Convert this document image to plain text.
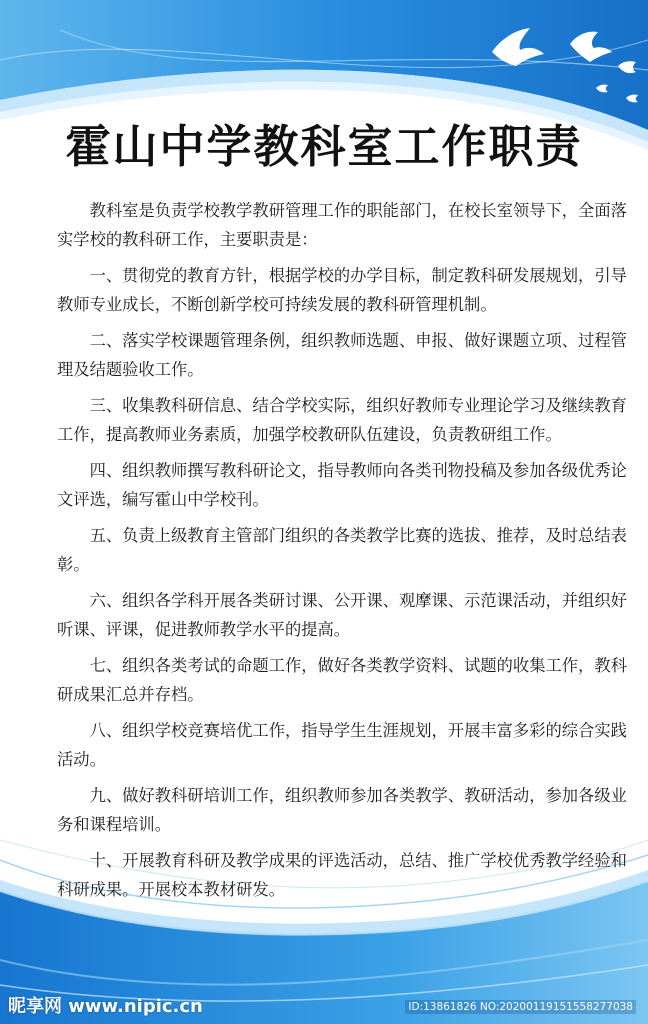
霍山中学教科室工作职责

教科室是负责学校教学教研管理工作的职能部门，在校长室领导下，全面落实学校的教科研工作，主要职责是：

一、贯彻党的教育方针，根据学校的办学目标，制定教科研发展规划，引导教师专业成长，不断创新学校可持续发展的教科研管理机制。

二、落实学校课题管理条例，组织教师选题、申报、做好课题立项、过程管理及结题验收工作。

三、收集教科研信息、结合学校实际，组织好教师专业理论学习及继续教育工作，提高教师业务素质，加强学校教研队伍建设，负责教研组工作。

四、组织教师撰写教科研论文，指导教师向各类刊物投稿及参加各级优秀论文评选，编写霍山中学校刊。

五、负责上级教育主管部门组织的各类教学比赛的选拔、推荐，及时总结表彰。

六、组织各学科开展各类研讨课、公开课、观摩课、示范课活动，并组织好听课、评课，促进教师教学水平的提高。

七、组织各类考试的命题工作，做好各类教学资料、试题的收集工作，教科研成果汇总并存档。

八、组织学校竞赛培优工作，指导学生生涯规划，开展丰富多彩的综合实践活动。

九、做好教科研培训工作，组织教师参加各类教学、教研活动，参加各级业务和课程培训。

十、开展教育科研及教学成果的评选活动，总结、推广学校优秀教学经验和科研成果。开展校本教材研发。

昵享网 www.nipic.cn	ID:13861826 NO:20200119151558277038
